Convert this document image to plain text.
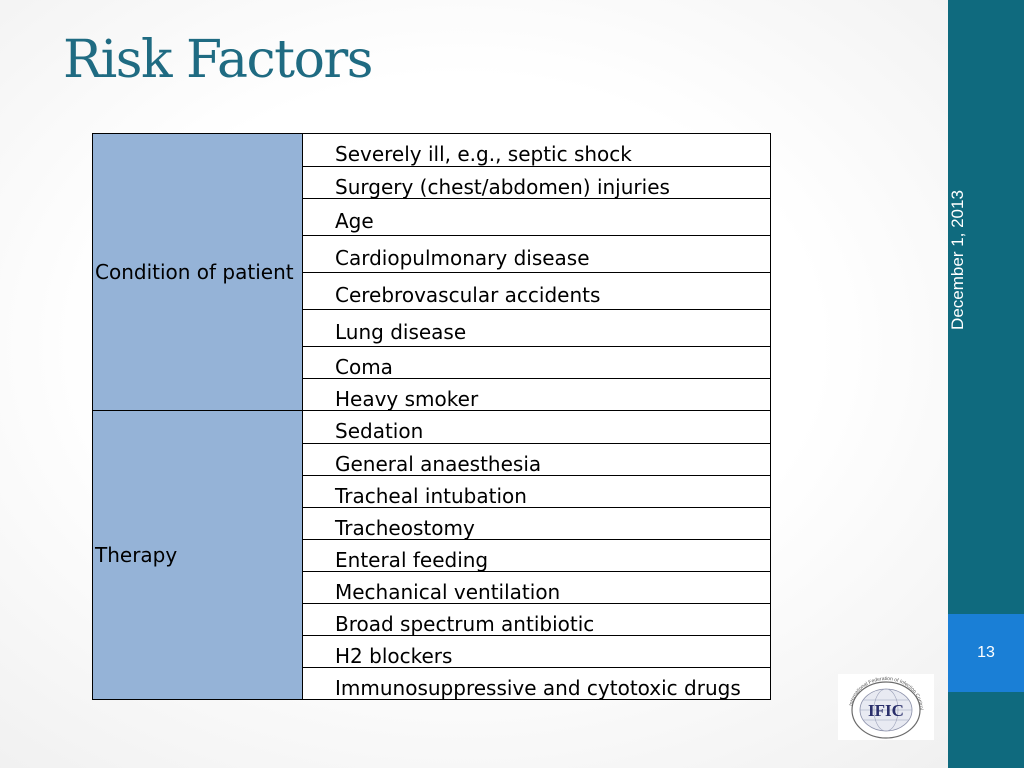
Risk Factors
Condition of patient	Severely ill, e.g., septic shock
	Surgery (chest/abdomen) injuries
	Age
	Cardiopulmonary disease
	Cerebrovascular accidents
	Lung disease
	Coma
	Heavy smoker
Therapy	Sedation
	General anaesthesia
	Tracheal intubation
	Tracheostomy
	Enteral feeding
	Mechanical ventilation
	Broad spectrum antibiotic
	H2 blockers
	Immunosuppressive and cytotoxic drugs
December 1, 2013
13
International Federation of Infection Control
IFIC
